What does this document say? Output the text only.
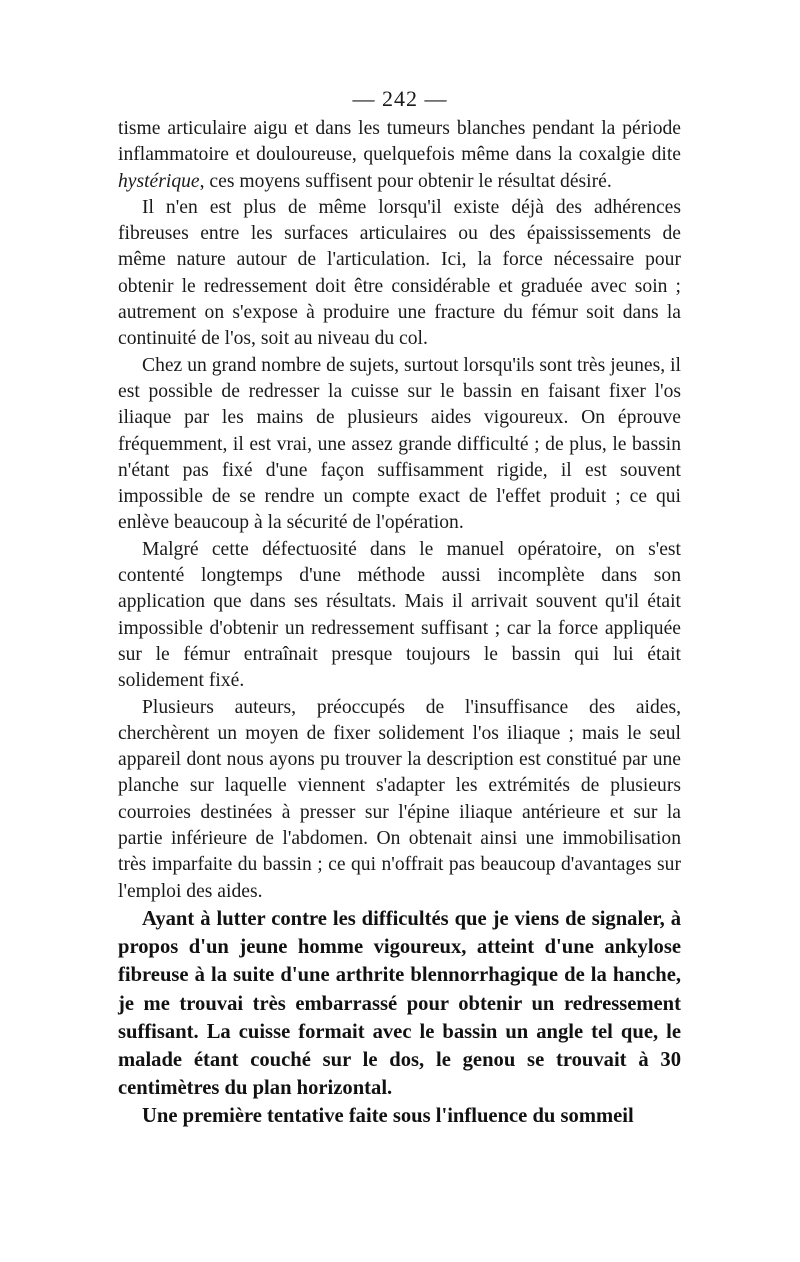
— 242 —

tisme articulaire aigu et dans les tumeurs blanches pendant la période inflammatoire et douloureuse, quelquefois même dans la coxalgie dite hystérique, ces moyens suffisent pour obtenir le résultat désiré.

Il n'en est plus de même lorsqu'il existe déjà des adhérences fibreuses entre les surfaces articulaires ou des épaississements de même nature autour de l'articulation. Ici, la force nécessaire pour obtenir le redressement doit être considérable et graduée avec soin ; autrement on s'expose à produire une fracture du fémur soit dans la continuité de l'os, soit au niveau du col.

Chez un grand nombre de sujets, surtout lorsqu'ils sont très jeunes, il est possible de redresser la cuisse sur le bassin en faisant fixer l'os iliaque par les mains de plusieurs aides vigoureux. On éprouve fréquemment, il est vrai, une assez grande difficulté ; de plus, le bassin n'étant pas fixé d'une façon suffisamment rigide, il est souvent impossible de se rendre un compte exact de l'effet produit ; ce qui enlève beaucoup à la sécurité de l'opération.

Malgré cette défectuosité dans le manuel opératoire, on s'est contenté longtemps d'une méthode aussi incomplète dans son application que dans ses résultats. Mais il arrivait souvent qu'il était impossible d'obtenir un redressement suffisant ; car la force appliquée sur le fémur entraînait presque toujours le bassin qui lui était solidement fixé.

Plusieurs auteurs, préoccupés de l'insuffisance des aides, cherchèrent un moyen de fixer solidement l'os iliaque ; mais le seul appareil dont nous ayons pu trouver la description est constitué par une planche sur laquelle viennent s'adapter les extrémités de plusieurs courroies destinées à presser sur l'épine iliaque antérieure et sur la partie inférieure de l'abdomen. On obtenait ainsi une immobilisation très imparfaite du bassin ; ce qui n'offrait pas beaucoup d'avantages sur l'emploi des aides.

Ayant à lutter contre les difficultés que je viens de signaler, à propos d'un jeune homme vigoureux, atteint d'une ankylose fibreuse à la suite d'une arthrite blennorrhagique de la hanche, je me trouvai très embarrassé pour obtenir un redressement suffisant. La cuisse formait avec le bassin un angle tel que, le malade étant couché sur le dos, le genou se trouvait à 30 centimètres du plan horizontal.

Une première tentative faite sous l'influence du sommeil
